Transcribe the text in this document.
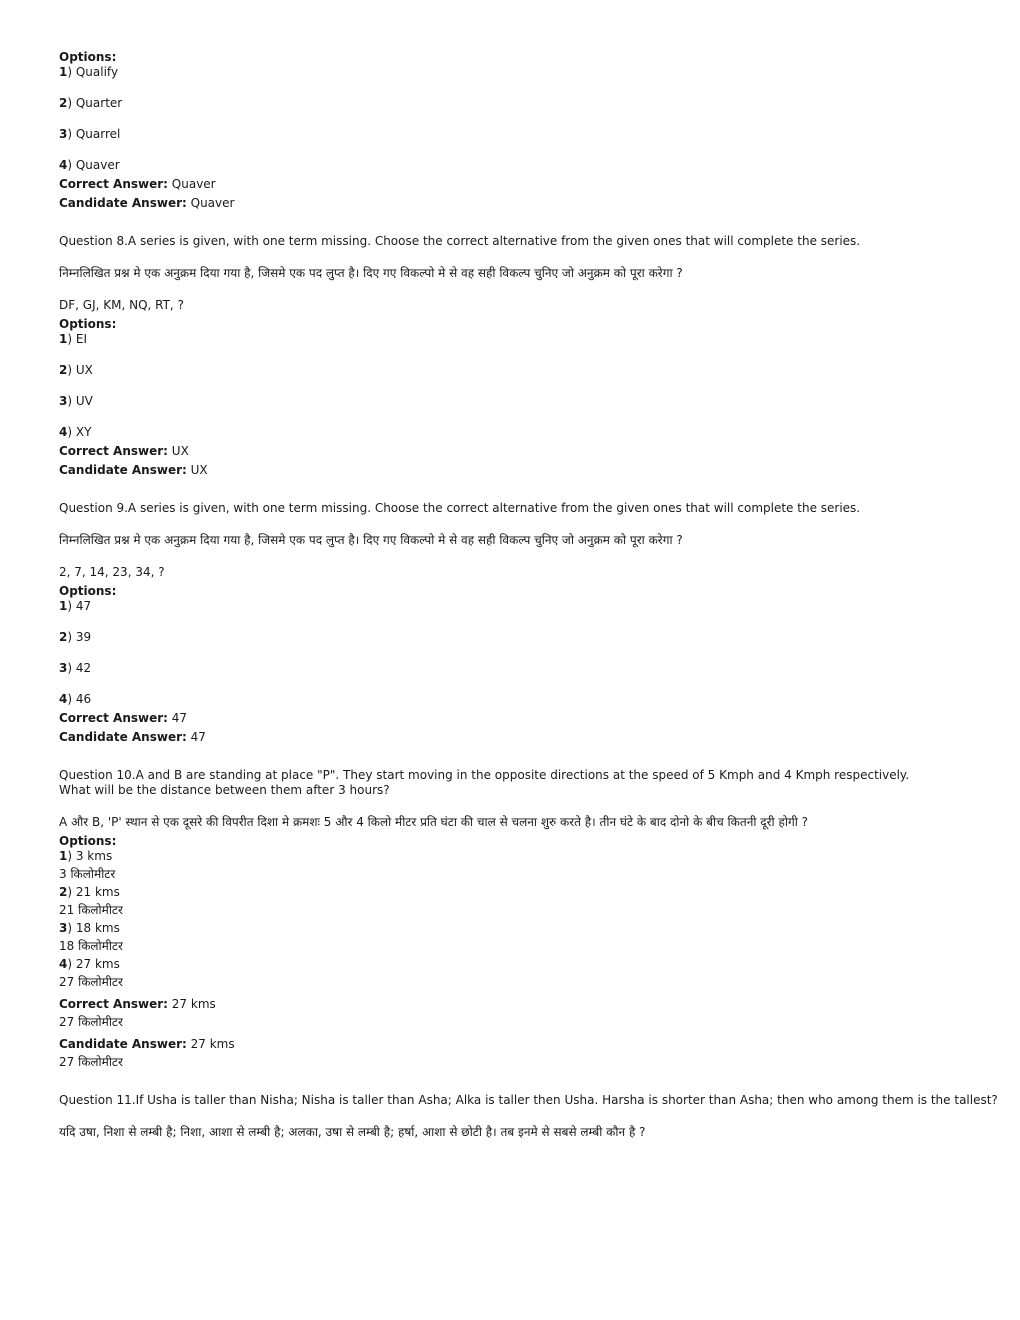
Options:
1) Qualify
2) Quarter
3) Quarrel
4) Quaver
Correct Answer: Quaver
Candidate Answer: Quaver
Question 8.A series is given, with one term missing. Choose the correct alternative from the given ones that will complete the series.
निम्नलिखित प्रश्न मे एक अनुक्रम दिया गया है, जिसमे एक पद लुप्त है। दिए गए विकल्पो मे से वह सही विकल्प चुनिए जो अनुक्रम को पूरा करेगा ?
DF, GJ, KM, NQ, RT, ?
Options:
1) EI
2) UX
3) UV
4) XY
Correct Answer: UX
Candidate Answer: UX
Question 9.A series is given, with one term missing. Choose the correct alternative from the given ones that will complete the series.
निम्नलिखित प्रश्न मे एक अनुक्रम दिया गया है, जिसमे एक पद लुप्त है। दिए गए विकल्पो मे से वह सही विकल्प चुनिए जो अनुक्रम को पूरा करेगा ?
2, 7, 14, 23, 34, ?
Options:
1) 47
2) 39
3) 42
4) 46
Correct Answer: 47
Candidate Answer: 47
Question 10.A and B are standing at place "P". They start moving in the opposite directions at the speed of 5 Kmph and 4 Kmph respectively. What will be the distance between them after 3 hours?
A और B, 'P' स्थान से एक दूसरे की विपरीत दिशा मे क्रमशः 5 और 4 किलो मीटर प्रति घंटा की चाल से चलना शुरु करते है। तीन घंटे के बाद दोनो के बीच कितनी दूरी होगी ?
Options:
1) 3 kms
3 किलोमीटर
2) 21 kms
21 किलोमीटर
3) 18 kms
18 किलोमीटर
4) 27 kms
27 किलोमीटर
Correct Answer: 27 kms
27 किलोमीटर
Candidate Answer: 27 kms
27 किलोमीटर
Question 11.If Usha is taller than Nisha; Nisha is taller than Asha; Alka is taller then Usha. Harsha is shorter than Asha; then who among them is the tallest?
यदि उषा, निशा से लम्बी है; निशा, आशा से लम्बी है; अलका, उषा से लम्बी है; हर्षा, आशा से छोटी है। तब इनमे से सबसे लम्बी कौन है ?
